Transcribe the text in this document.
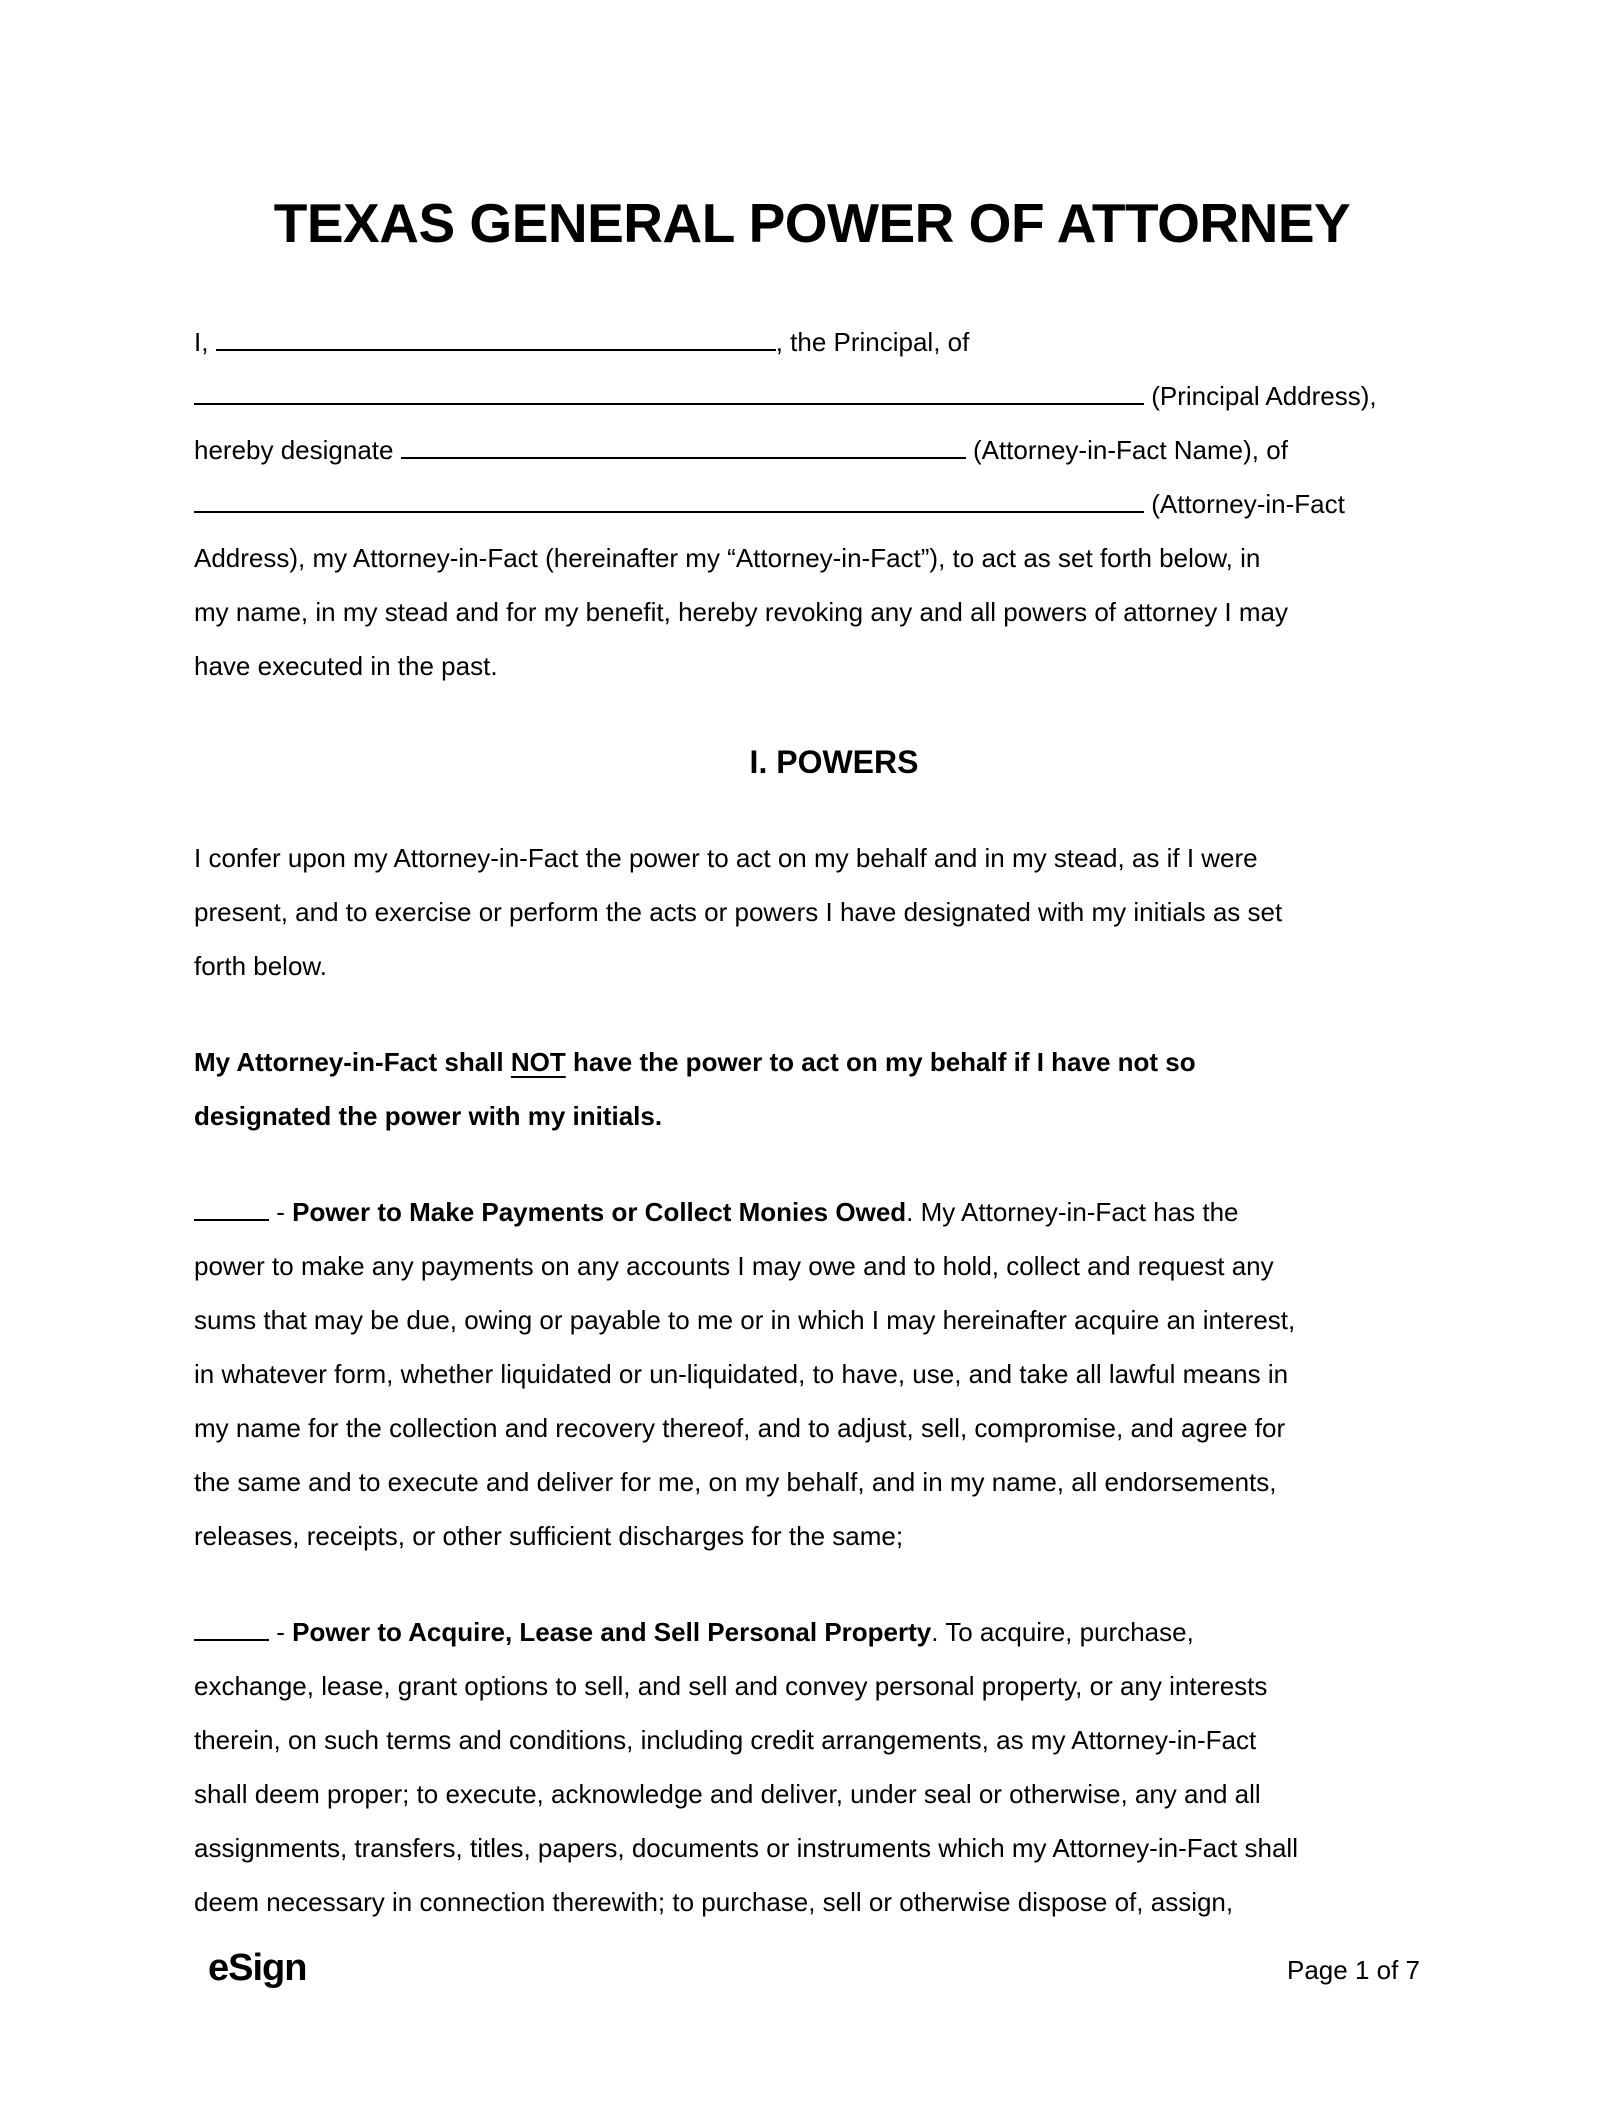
TEXAS GENERAL POWER OF ATTORNEY
I,	, the Principal, of
(Principal Address),
hereby designate	(Attorney-in-Fact Name), of
(Attorney-in-Fact
Address), my Attorney-in-Fact (hereinafter my “Attorney-in-Fact”), to act as set forth below, in
my name, in my stead and for my benefit, hereby revoking any and all powers of attorney I may
have executed in the past.
I. POWERS
I confer upon my Attorney-in-Fact the power to act on my behalf and in my stead, as if I were
present, and to exercise or perform the acts or powers I have designated with my initials as set
forth below.
My Attorney-in-Fact shall NOT have the power to act on my behalf if I have not so
designated the power with my initials.
- Power to Make Payments or Collect Monies Owed. My Attorney-in-Fact has the
power to make any payments on any accounts I may owe and to hold, collect and request any
sums that may be due, owing or payable to me or in which I may hereinafter acquire an interest,
in whatever form, whether liquidated or un-liquidated, to have, use, and take all lawful means in
my name for the collection and recovery thereof, and to adjust, sell, compromise, and agree for
the same and to execute and deliver for me, on my behalf, and in my name, all endorsements,
releases, receipts, or other sufficient discharges for the same;
- Power to Acquire, Lease and Sell Personal Property. To acquire, purchase,
exchange, lease, grant options to sell, and sell and convey personal property, or any interests
therein, on such terms and conditions, including credit arrangements, as my Attorney-in-Fact
shall deem proper; to execute, acknowledge and deliver, under seal or otherwise, any and all
assignments, transfers, titles, papers, documents or instruments which my Attorney-in-Fact shall
deem necessary in connection therewith; to purchase, sell or otherwise dispose of, assign,
eSign	Page 1 of 7
